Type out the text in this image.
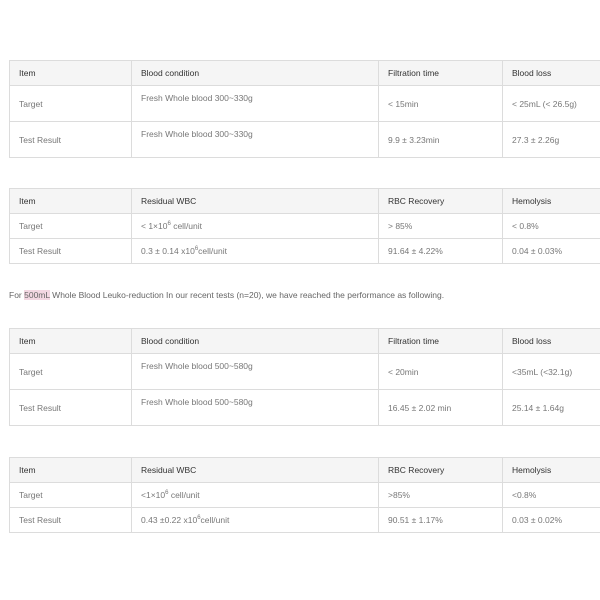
Item	Blood condition	Filtration time	Blood loss
Target	Fresh Whole blood 300~330g	< 15min	< 25mL (< 26.5g)
Test Result	Fresh Whole blood 300~330g	9.9 ± 3.23min	27.3 ± 2.26g
Item	Residual WBC	RBC Recovery	Hemolysis
Target	< $1\times 10^6$ cell/unit	> 85%	< 0.8%
Test Result	0.3 ± 0.14 $x10^6cell$/unit	91.64 ± 4.22%	0.04 ± 0.03%
For 500mL Whole Blood Leuko-reduction In our recent tests (n=20), we have reached the performance as following.
Item	Blood condition	Filtration time	Blood loss
Target	Fresh Whole blood 500~580g	< 20min	<35mL (<32.1g)
Test Result	Fresh Whole blood 500~580g	16.45 ± 2.02 min	25.14 ± 1.64g
Item	Residual WBC	RBC Recovery	Hemolysis
Target	$<1\times 10^6$ cell/unit	>85%	<0.8%
Test Result	0.43 ±0.22 $x10^6cell$/unit	90.51 ± 1.17%	0.03 ± 0.02%
